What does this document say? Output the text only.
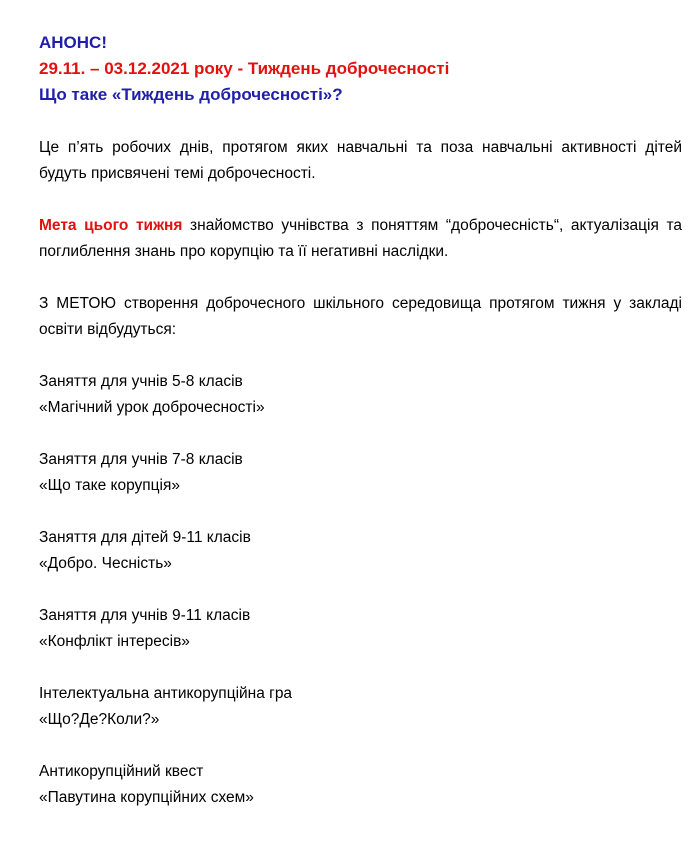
АНОНС!
29.11. – 03.12.2021 року - Тиждень доброчесності
Що таке «Тиждень доброчесності»?

Це п’ять робочих днів, протягом яких навчальні та поза навчальні активності дітей будуть присвячені темі доброчесності.

Мета цього тижня знайомство учнівства з поняттям “доброчесність“, актуалізація та поглиблення знань про корупцію та її негативні наслідки.

З МЕТОЮ створення доброчесного шкільного середовища протягом тижня у закладі освіти відбудуться:

Заняття для учнів 5-8 класів
«Магічний урок доброчесності»
Заняття для учнів 7-8 класів
«Що таке корупція»
Заняття для дітей 9-11 класів
«Добро. Чесність»
Заняття для учнів 9-11 класів
«Конфлікт інтересів»
Інтелектуальна антикорупційна гра
«Що?Де?Коли?»
Антикорупційний квест
«Павутина корупційних схем»
